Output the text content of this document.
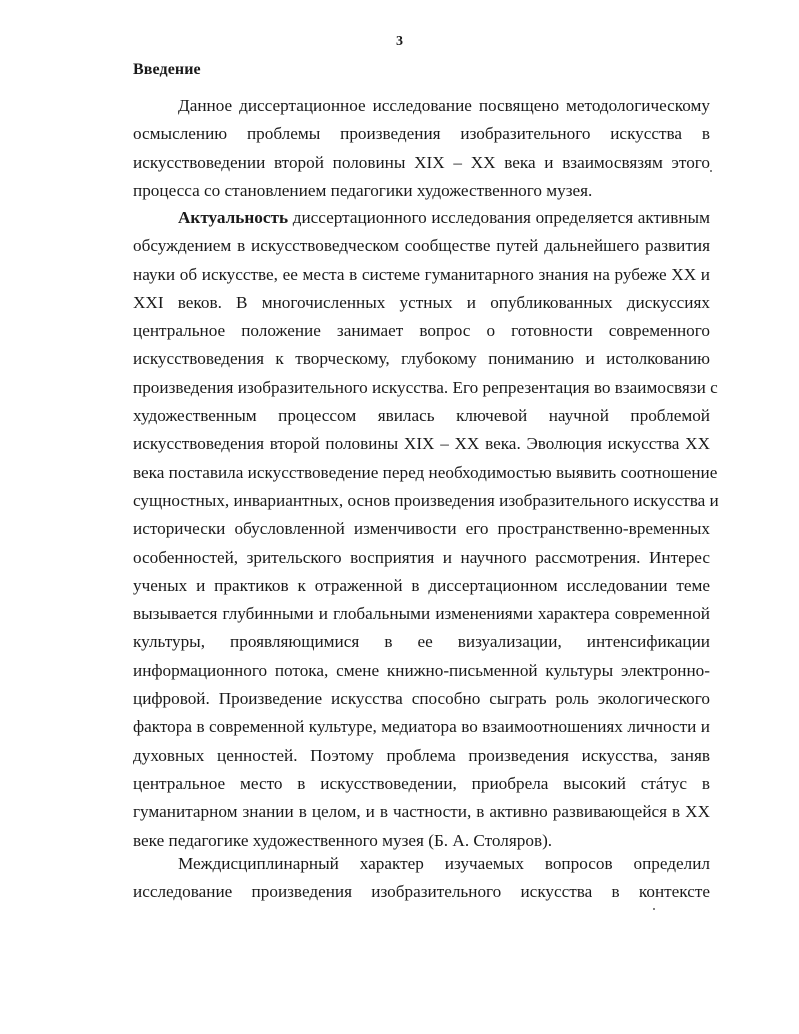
3
Введение
Данное диссертационное исследование посвящено методологическому
осмыслению проблемы произведения изобразительного искусства в
искусствоведении второй половины XIX – XX века и взаимосвязям этого
процесса со становлением педагогики художественного музея.
Актуальность диссертационного исследования определяется активным
обсуждением в искусствоведческом сообществе путей дальнейшего развития
науки об искусстве, ее места в системе гуманитарного знания на рубеже XX и
XXI веков. В многочисленных устных и опубликованных дискуссиях
центральное положение занимает вопрос о готовности современного
искусствоведения к творческому, глубокому пониманию и истолкованию
произведения изобразительного искусства. Его репрезентация во взаимосвязи с
художественным процессом явилась ключевой научной проблемой
искусствоведения второй половины XIX – XX века. Эволюция искусства XX
века поставила искусствоведение перед необходимостью выявить соотношение
сущностных, инвариантных, основ произведения изобразительного искусства и
исторически обусловленной изменчивости его пространственно-временных
особенностей, зрительского восприятия и научного рассмотрения. Интерес
ученых и практиков к отраженной в диссертационном исследовании теме
вызывается глубинными и глобальными изменениями характера современной
культуры, проявляющимися в ее визуализации, интенсификации
информационного потока, смене книжно-письменной культуры электронно-
цифровой. Произведение искусства способно сыграть роль экологического
фактора в современной культуре, медиатора во взаимоотношениях личности и
духовных ценностей. Поэтому проблема произведения искусства, заняв
центральное место в искусствоведении, приобрела высокий стáтус в
гуманитарном знании в целом, и в частности, в активно развивающейся в XX
веке педагогике художественного музея (Б. А. Столяров).
Междисциплинарный характер изучаемых вопросов определил
исследование произведения изобразительного искусства в контексте
